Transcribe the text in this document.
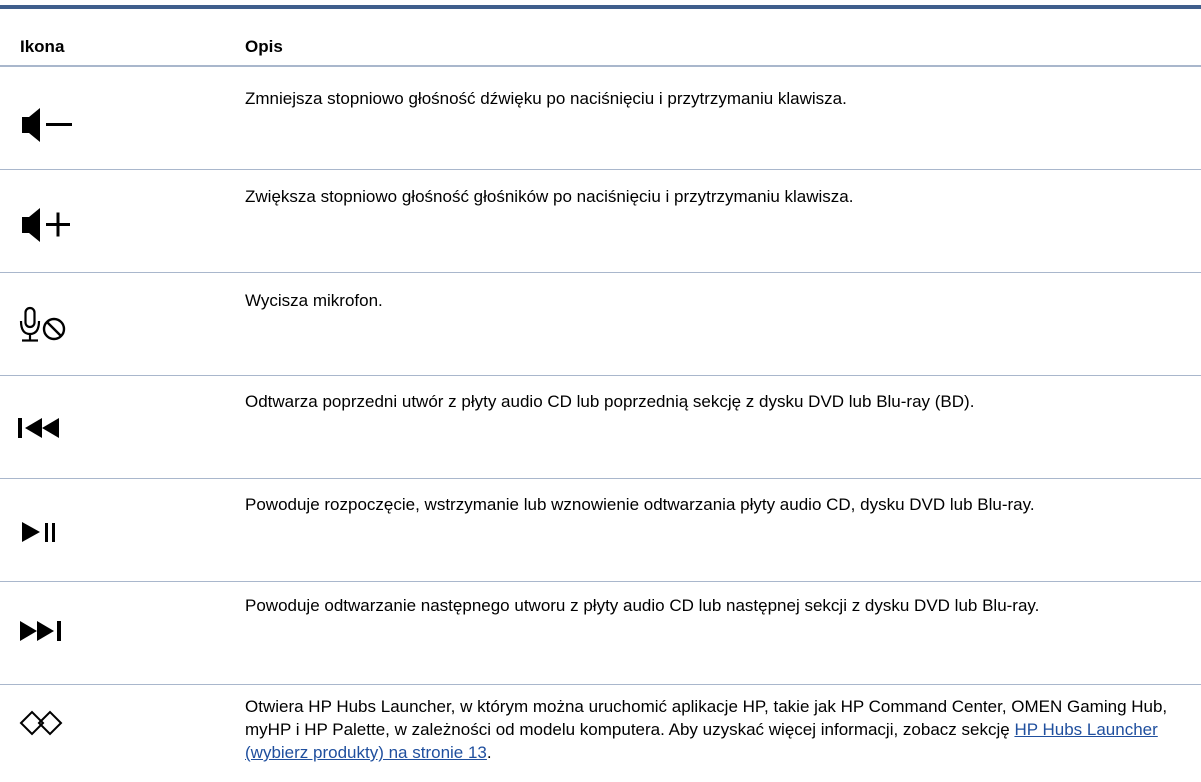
Ikona	Opis
Zmniejsza stopniowo głośność dźwięku po naciśnięciu i przytrzymaniu klawisza.
Zwiększa stopniowo głośność głośników po naciśnięciu i przytrzymaniu klawisza.
Wycisza mikrofon.
Odtwarza poprzedni utwór z płyty audio CD lub poprzednią sekcję z dysku DVD lub Blu-ray (BD).
Powoduje rozpoczęcie, wstrzymanie lub wznowienie odtwarzania płyty audio CD, dysku DVD lub Blu-ray.
Powoduje odtwarzanie następnego utworu z płyty audio CD lub następnej sekcji z dysku DVD lub Blu-ray.
Otwiera HP Hubs Launcher, w którym można uruchomić aplikacje HP, takie jak HP Command Center, OMEN Gaming Hub, myHP i HP Palette, w zależności od modelu komputera. Aby uzyskać więcej informacji, zobacz sekcję HP Hubs Launcher (wybierz produkty) na stronie 13.
